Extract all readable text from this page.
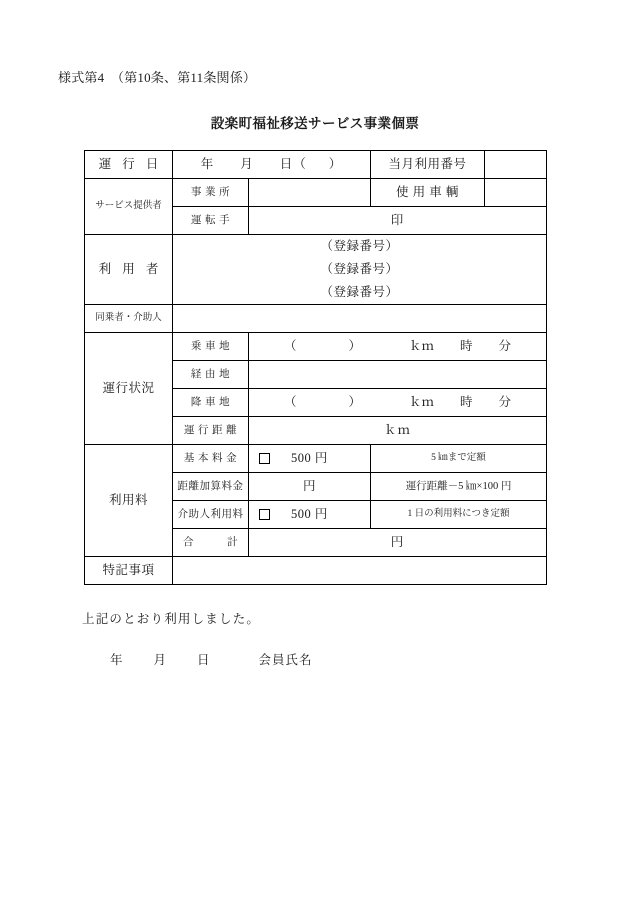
様式第4　（第10条、第11条関係）
設楽町福祉移送サービス事業個票
運 行 日	年 月 日（ ）		当月利用番号	

サービス提供者	事 業 所		使 用 車 輌	

	運 転 手	印		

利 用 者	（登録番号）
（登録番号）
（登録番号）			

同乗者・介助人				

運行状況	乗 車 地	（ ） ｋｍ 時 分		

	経 由 地			

	降 車 地	（ ） ｋｍ 時 分		

	運 行 距 離	ｋｍ		

利用料	基 本 料 金	500 円	5 ㎞まで定額	

	距離加算料金	円	運行距離－5 ㎞×100 円	

	介助人利用料	500 円	1 日の利用料につき定額	

	合　　　計	円		

特記事項				

上記のとおり利用しました。
年 月 日	会員氏名
